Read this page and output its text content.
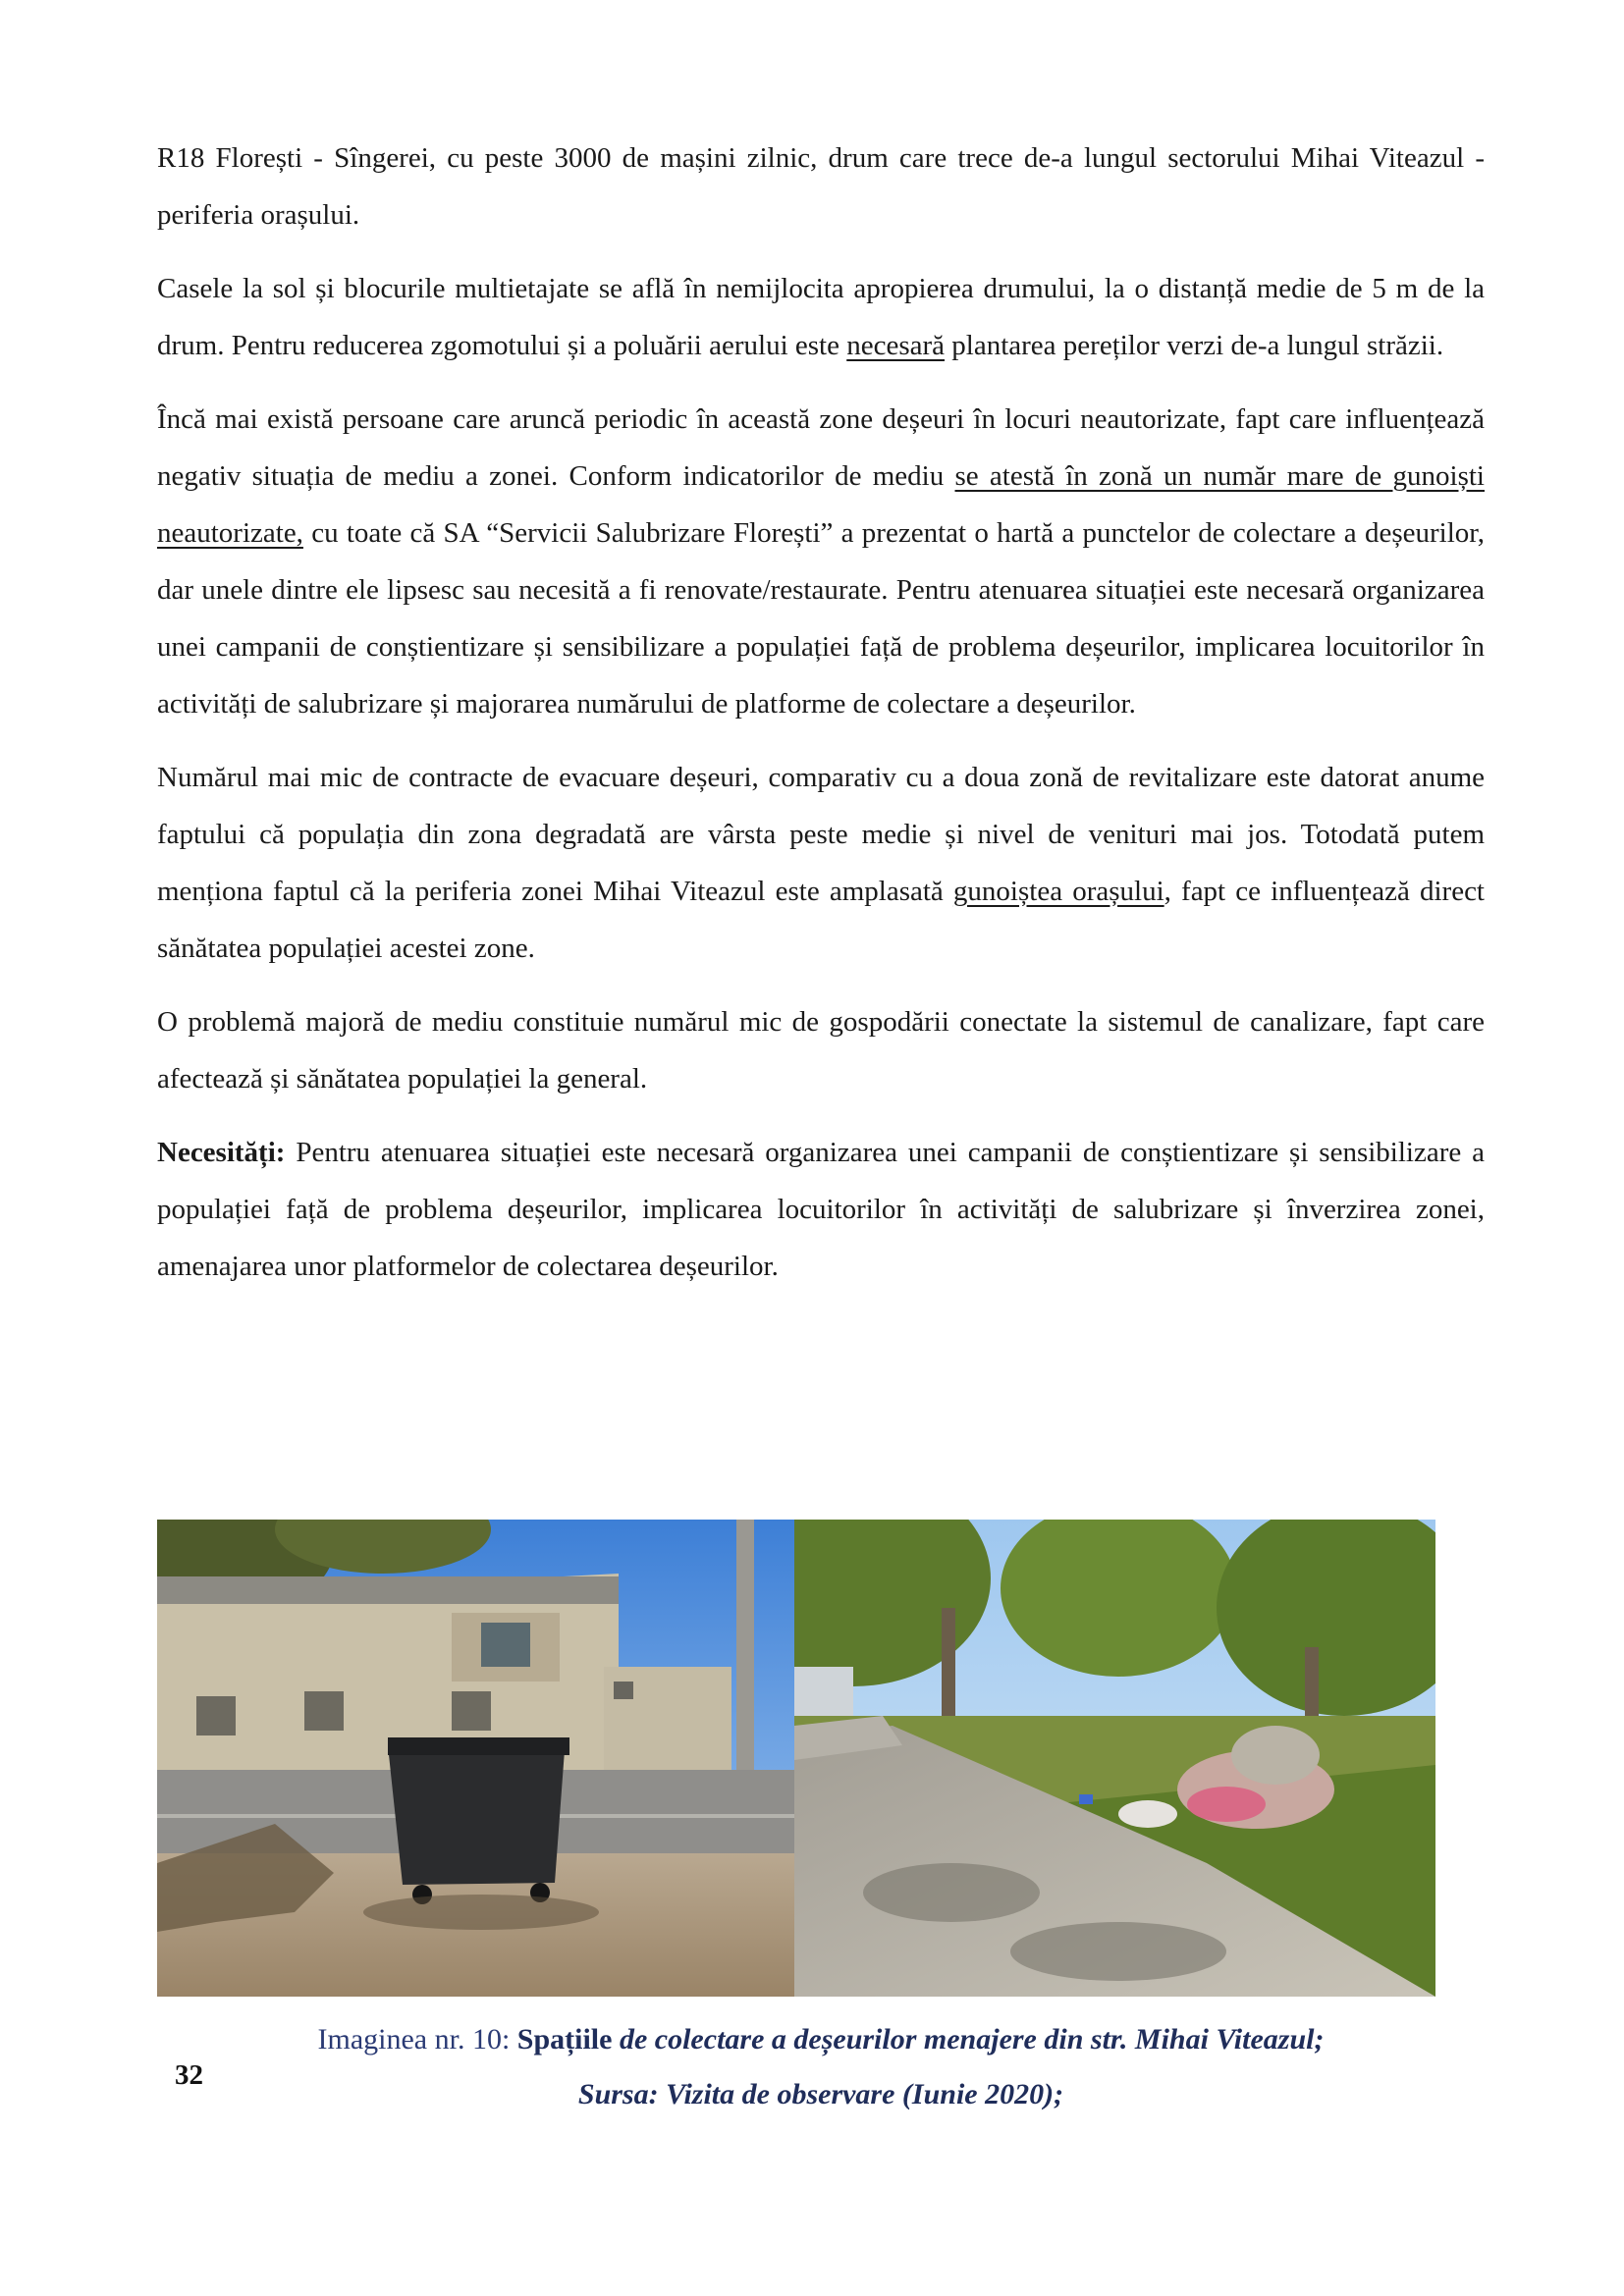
R18 Florești - Sîngerei, cu peste 3000 de mașini zilnic, drum care trece de-a lungul sectorului Mihai Viteazul - periferia orașului.

Casele la sol și blocurile multietajate se află în nemijlocita apropierea drumului, la o distanță medie de 5 m de la drum. Pentru reducerea zgomotului și a poluării aerului este necesară plantarea pereților verzi de-a lungul străzii.

Încă mai există persoane care aruncă periodic în această zone deșeuri în locuri neautorizate, fapt care influențează negativ situația de mediu a zonei. Conform indicatorilor de mediu se atestă în zonă un număr mare de gunoiști neautorizate, cu toate că SA “Servicii Salubrizare Florești” a prezentat o hartă a punctelor de colectare a deșeurilor, dar unele dintre ele lipsesc sau necesită a fi renovate/restaurate. Pentru atenuarea situației este necesară organizarea unei campanii de conștientizare și sensibilizare a populației față de problema deșeurilor, implicarea locuitorilor în activități de salubrizare și majorarea numărului de platforme de colectare a deșeurilor.

Numărul mai mic de contracte de evacuare deșeuri, comparativ cu a doua zonă de revitalizare este datorat anume faptului că populația din zona degradată are vârsta peste medie și nivel de venituri mai jos. Totodată putem menționa faptul că la periferia zonei Mihai Viteazul este amplasată gunoiștea orașului, fapt ce influențează direct sănătatea populației acestei zone.

O problemă majoră de mediu constituie numărul mic de gospodării conectate la sistemul de canalizare, fapt care afectează și sănătatea populației la general.

Necesități: Pentru atenuarea situației este necesară organizarea unei campanii de conștientizare și sensibilizare a populației față de problema deșeurilor, implicarea locuitorilor în activități de salubrizare și înverzirea zonei, amenajarea unor platformelor de colectarea deșeurilor.

Imaginea nr. 10: Spațiile de colectare a deșeurilor menajere din str. Mihai Viteazul;
Sursa: Vizita de observare (Iunie 2020);
32
